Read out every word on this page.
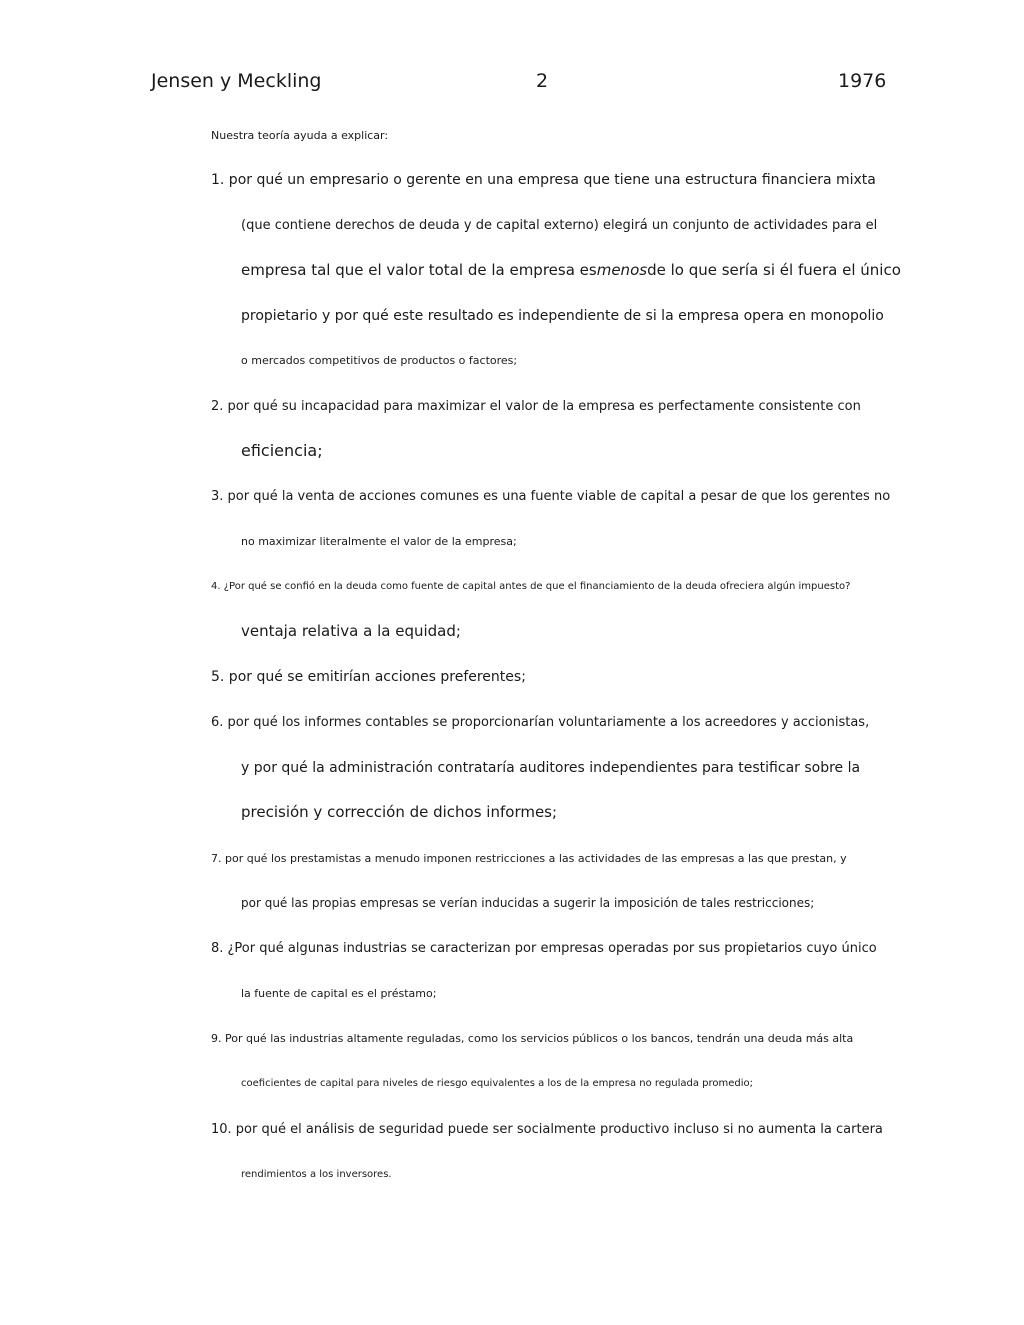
Jensen y Meckling	2	1976
Nuestra teoría ayuda a explicar:
1. por qué un empresario o gerente en una empresa que tiene una estructura financiera mixta
(que contiene derechos de deuda y de capital externo) elegirá un conjunto de actividades para el
empresa tal que el valor total de la empresa esmenosde lo que sería si él fuera el único
propietario y por qué este resultado es independiente de si la empresa opera en monopolio
o mercados competitivos de productos o factores;
2. por qué su incapacidad para maximizar el valor de la empresa es perfectamente consistente con
eficiencia;
3. por qué la venta de acciones comunes es una fuente viable de capital a pesar de que los gerentes no
no maximizar literalmente el valor de la empresa;
4. ¿Por qué se confió en la deuda como fuente de capital antes de que el financiamiento de la deuda ofreciera algún impuesto?
ventaja relativa a la equidad;
5. por qué se emitirían acciones preferentes;
6. por qué los informes contables se proporcionarían voluntariamente a los acreedores y accionistas,
y por qué la administración contrataría auditores independientes para testificar sobre la
precisión y corrección de dichos informes;
7. por qué los prestamistas a menudo imponen restricciones a las actividades de las empresas a las que prestan, y
por qué las propias empresas se verían inducidas a sugerir la imposición de tales restricciones;
8. ¿Por qué algunas industrias se caracterizan por empresas operadas por sus propietarios cuyo único
la fuente de capital es el préstamo;
9. Por qué las industrias altamente reguladas, como los servicios públicos o los bancos, tendrán una deuda más alta
coeficientes de capital para niveles de riesgo equivalentes a los de la empresa no regulada promedio;
10. por qué el análisis de seguridad puede ser socialmente productivo incluso si no aumenta la cartera
rendimientos a los inversores.
